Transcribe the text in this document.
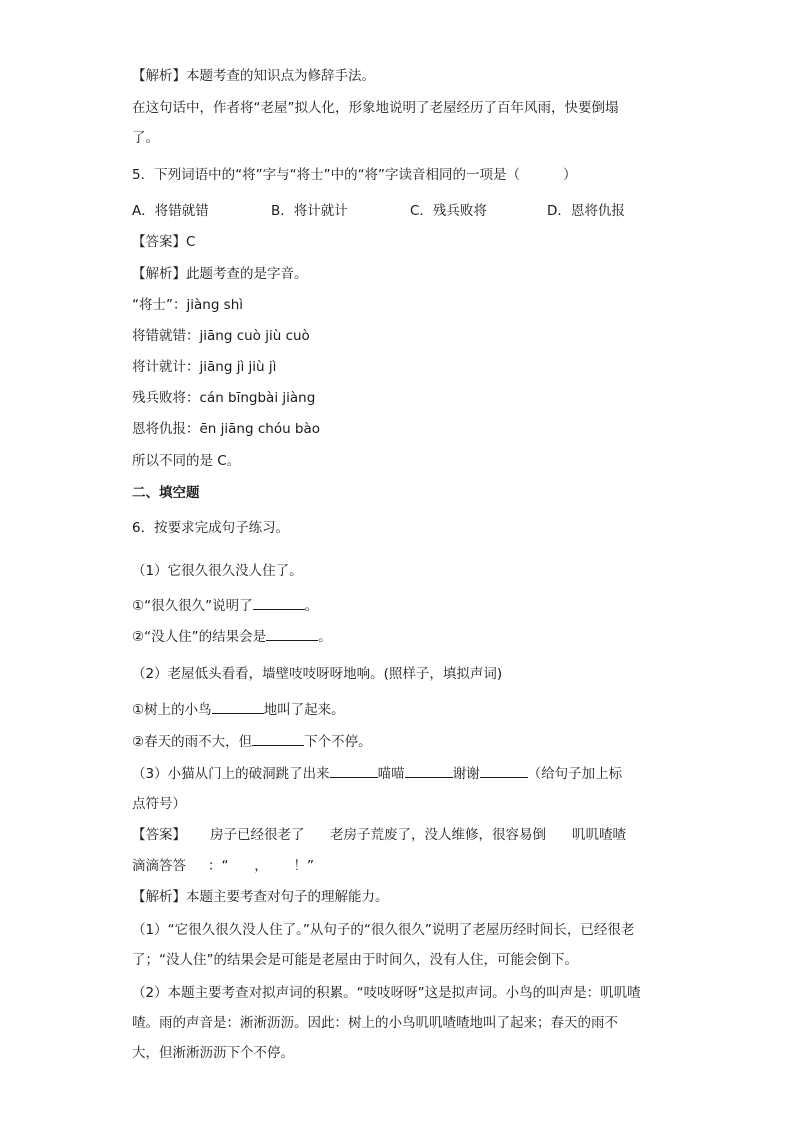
【解析】本题考查的知识点为修辞手法。
在这句话中，作者将“老屋”拟人化，形象地说明了老屋经历了百年风雨，快要倒塌
了。
5．下列词语中的“将”字与“将士”中的“将”字读音相同的一项是（          ）
A．将错就错	B．将计就计	C．残兵败将	D．恩将仇报
【答案】C
【解析】此题考查的是字音。
“将士”：jiàng shì
将错就错：jiāng cuò jiù cuò
将计就计：jiāng jì jiù jì
残兵败将：cán bīngbài jiàng
恩将仇报：ēn jiāng chóu bào
所以不同的是 C。
二、填空题
6．按要求完成句子练习。
（1）它很久很久没人住了。
①“很久很久”说明了	。
②“没人住”的结果会是	。
（2）老屋低头看看，墙壁吱吱呀呀地响。(照样子，填拟声词)
①树上的小鸟	地叫了起来。
②春天的雨不大，但	下个不停。
（3）小猫从门上的破洞跳了出来	喵喵	谢谢	（给句子加上标
点符号）
【答案】 房子已经很老了 老房子荒废了，没人维修，很容易倒 叽叽喳喳
滴滴答答 ：“      ，      ！”
【解析】本题主要考查对句子的理解能力。
（1）“它很久很久没人住了。”从句子的“很久很久”说明了老屋历经时间长，已经很老
了；“没人住”的结果会是可能是老屋由于时间久，没有人住，可能会倒下。
（2）本题主要考查对拟声词的积累。“吱吱呀呀”这是拟声词。小鸟的叫声是：叽叽喳
喳。雨的声音是：淅淅沥沥。因此：树上的小鸟叽叽喳喳地叫了起来；春天的雨不
大，但淅淅沥沥下个不停。
